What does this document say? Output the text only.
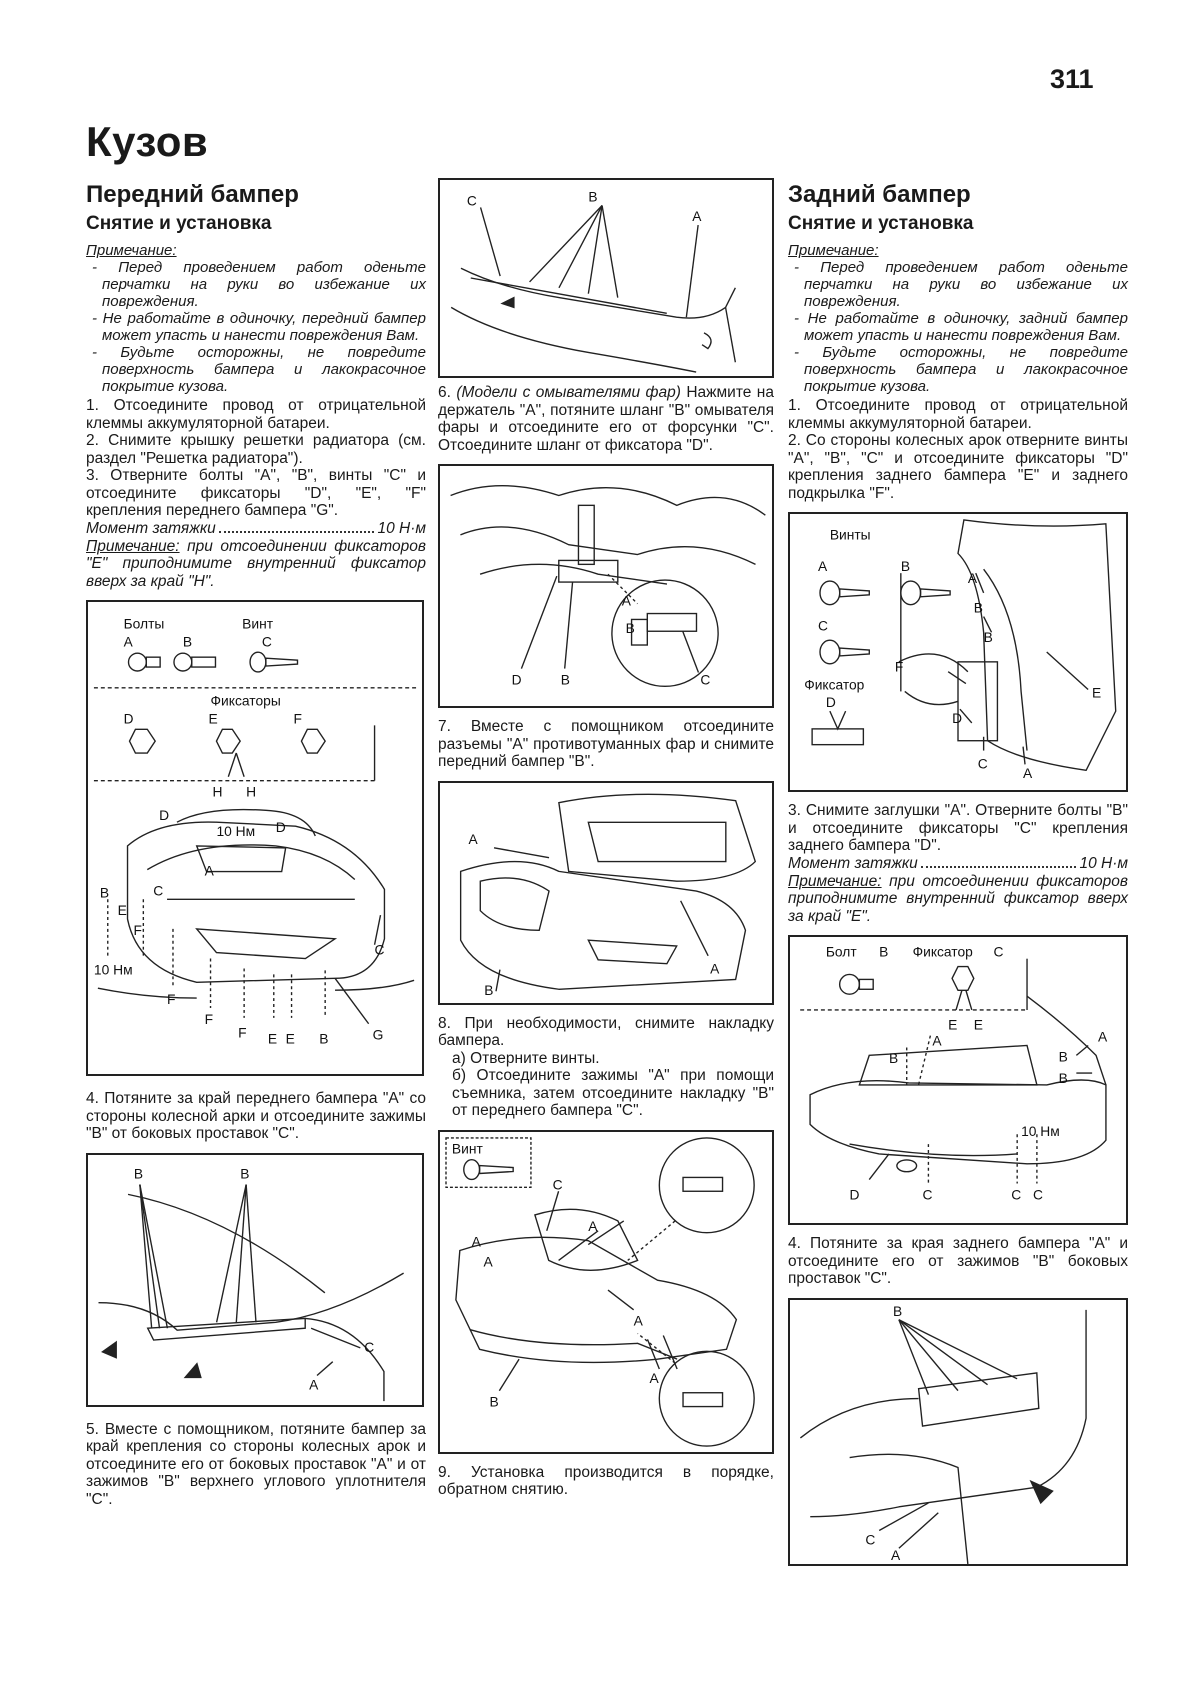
311
Кузов
Передний бампер
Снятие и установка

Примечание:

- Перед проведением работ оденьте перчатки на руки во избежание их повреждения.
- Не работайте в одиночку, передний бампер может упасть и нанести повреждения Вам.
- Будьте осторожны, не повредите поверхность бампера и лакокрасочное покрытие кузова.

1. Отсоедините провод от отрицательной клеммы аккумуляторной батареи.

2. Снимите крышку решетки радиатора (см. раздел "Решетка радиатора").

3. Отверните болты "A", "B", винты "C" и отсоедините фиксаторы "D", "E", "F" крепления переднего бампера "G".

Момент затяжки	10 Н·м

Примечание: при отсоединении фиксаторов "E" приподнимите внутренний фиксатор вверх за край "H".

Болты	Винт
A	B	C
Фиксаторы
D	E	F
H H
D
D
10 Нм
A
C
B
E
F
10 Нм
F
F
F E E B
C
G

4. Потяните за край переднего бампера "A" со стороны колесной арки и отсоедините зажимы "B" от боковых проставок "C".

B	B
C
A

5. Вместе с помощником, потяните бампер за край крепления со стороны колесных арок и отсоедините его от боковых проставок "A" и от зажимов "B" верхнего углового уплотнителя "C".

B
C
A

6. (Модели с омывателями фар) Нажмите на держатель "A", потяните шланг "B" омывателя фары и отсоедините его от форсунки "C". Отсоедините шланг от фиксатора "D".

A
B
D	B	C

7. Вместе с помощником отсоедините разъемы "A" противотуманных фар и снимите передний бампер "B".

A
A
B

8. При необходимости, снимите накладку бампера.

а) Отверните винты.
б) Отсоедините зажимы "A" при помощи съемника, затем отсоедините накладку "B" от переднего бампера "C".
Винт
C
A
A
A
A
A
B

9. Установка производится в порядке, обратном снятию.

Задний бампер
Снятие и установка

Примечание:

- Перед проведением работ оденьте перчатки на руки во избежание их повреждения.
- Не работайте в одиночку, задний бампер может упасть и нанести повреждения Вам.
- Будьте осторожны, не повредите поверхность бампера и лакокрасочное покрытие кузова.

1. Отсоедините провод от отрицательной клеммы аккумуляторной батареи.

2. Со стороны колесных арок отверните винты "A", "B", "C" и отсоедините фиксаторы "D" крепления заднего бампера "E" и заднего подкрылка "F".

Винты
A	B
C
Фиксатор
D
A
B
B
F
E
D
C
A

3. Снимите заглушки "A". Отверните болты "B" и отсоедините фиксаторы "C" крепления заднего бампера "D".

Момент затяжки	10 Н·м

Примечание: при отсоединении фиксаторов приподнимите внутренний фиксатор вверх за край "E".

Болт B Фиксатор C
E E
A
B
A
B
B
10 Нм
D	C	C C

4. Потяните за края заднего бампера "A" и отсоедините его от зажимов "B" боковых проставок "C".

B
C
A
